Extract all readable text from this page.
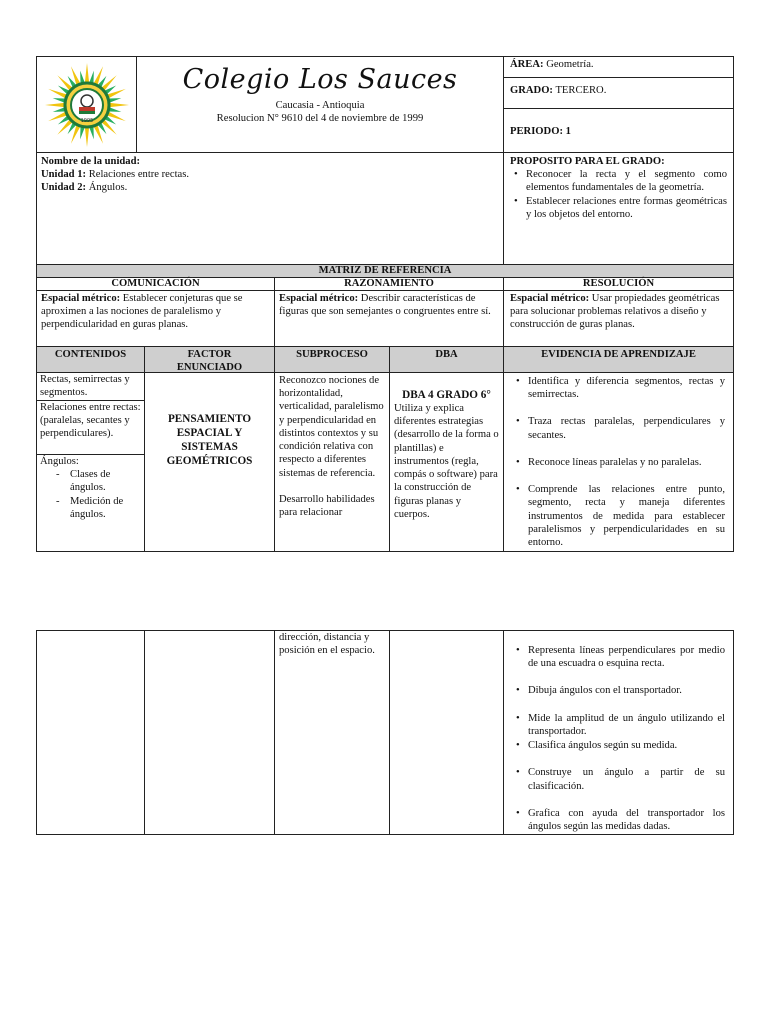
1995
Colegio Los Sauces
Caucasia - Antioquia
Resolucion N° 9610 del 4 de noviembre de 1999
ÁREA: Geometría.
GRADO: TERCERO.
PERIODO: 1
Nombre de la unidad:
Unidad 1: Relaciones entre rectas.
Unidad 2: Ángulos.
PROPOSITO PARA EL GRADO:
• Reconocer la recta y el segmento como elementos fundamentales de la geometría.
• Establecer relaciones entre formas geométricas y los objetos del entorno.
MATRIZ DE REFERENCIA
COMUNICACIÓN	RAZONAMIENTO	RESOLUCIÓN
Espacial métrico: Establecer conjeturas que se aproximen a las nociones de paralelismo y perpendicularidad en guras planas.
Espacial métrico: Describir características de figuras que son semejantes o congruentes entre sí.
Espacial métrico: Usar propiedades geométricas para solucionar problemas relativos a diseño y construcción de guras planas.
CONTENIDOS	FACTOR ENUNCIADO
SUBPROCESO	DBA	EVIDENCIA DE APRENDIZAJE
Rectas, semirrectas y segmentos.
Relaciones entre rectas: (paralelas, secantes y perpendiculares).
Ángulos:
- Clases de ángulos.
- Medición de ángulos.
PENSAMIENTO ESPACIAL Y SISTEMAS GEOMÉTRICOS
Reconozco nociones de horizontalidad, verticalidad, paralelismo y perpendicularidad en distintos contextos y su condición relativa con respecto a diferentes sistemas de referencia.
Desarrollo habilidades para relacionar
DBA 4 GRADO 6°
Utiliza y explica diferentes estrategias (desarrollo de la forma o plantillas) e instrumentos (regla, compás o software) para la construcción de figuras planas y cuerpos.
• Identifica y diferencia segmentos, rectas y semirrectas.
• Traza rectas paralelas, perpendiculares y secantes.
• Reconoce líneas paralelas y no paralelas.
• Comprende las relaciones entre punto, segmento, recta y maneja diferentes instrumentos de medida para establecer paralelismos y perpendicularidades en su entorno.
dirección, distancia y posición en el espacio.
•	Representa líneas perpendiculares por medio de una escuadra o esquina recta.
• Dibuja ángulos con el transportador.
• Mide la amplitud de un ángulo utilizando el transportador.
• Clasifica ángulos según su medida.
• Construye un ángulo a partir de su clasificación.
• Grafica con ayuda del transportador los ángulos según las medidas dadas.
